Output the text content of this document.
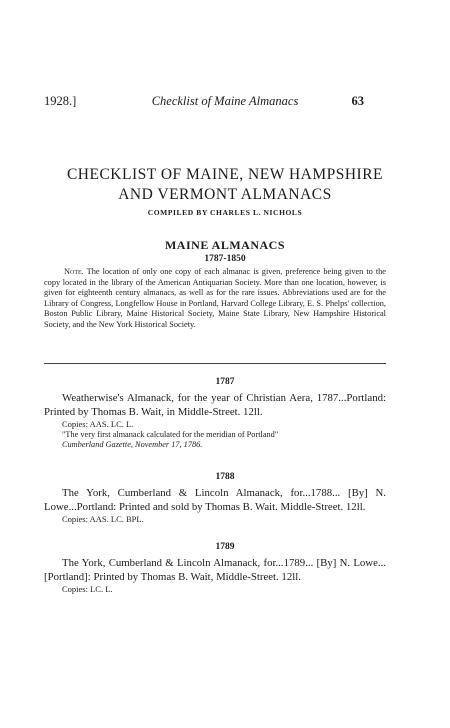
1928.]	Checklist of Maine Almanacs	63
CHECKLIST OF MAINE, NEW HAMPSHIRE
AND VERMONT ALMANACS
COMPILED BY CHARLES L. NICHOLS
MAINE ALMANACS
1787-1850

Note. The location of only one copy of each almanac is given, preference being given to the copy located in the library of the American Antiquarian Society. More than one location, however, is given for eighteenth century almanacs, as well as for the rare issues. Abbreviations used are for the Library of Congress, Longfellow House in Portland, Harvard College Library, E. S. Phelps' collection, Boston Public Library, Maine Historical Society, Maine State Library, New Hampshire Historical Society, and the New York Historical Society.

1787

Weatherwise's Almanack, for the year of Christian Aera, 1787...Portland: Printed by Thomas B. Wait, in Middle-Street. 12ll.

Copies: AAS. LC. L.

"The very first almanack calculated for the meridian of Portland"

Cumberland Gazette, November 17, 1786.

1788

The York, Cumberland & Lincoln Almanack, for...1788... [By] N. Lowe...Portland: Printed and sold by Thomas B. Wait. Middle-Street. 12ll.

Copies: AAS. LC. BPL.

1789

The York, Cumberland & Lincoln Almanack, for...1789... [By] N. Lowe...[Portland]: Printed by Thomas B. Wait, Middle-Street. 12ll.

Copies: LC. L.
